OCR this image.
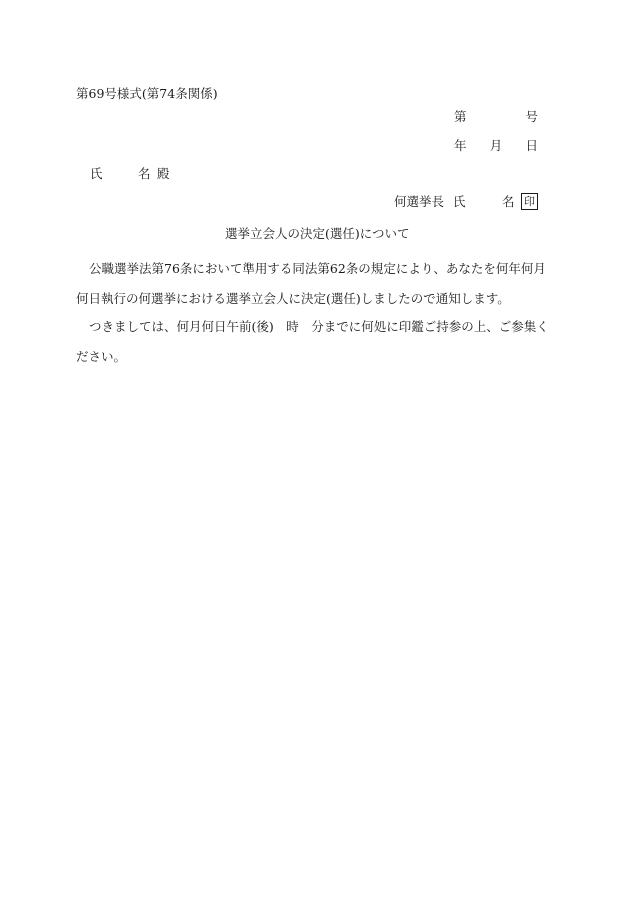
第69号様式(第74条関係)
第	号
年 月 日
氏	名 殿
何選挙長 氏	名 印
選挙立会人の決定(選任)について
公職選挙法第76条において準用する同法第62条の規定により、あなたを何年何月何日執行の何選挙における選挙立会人に決定(選任)しましたので通知します。
つきましては、何月何日午前(後)　時　分までに何処に印鑑ご持参の上、ご参集ください。
